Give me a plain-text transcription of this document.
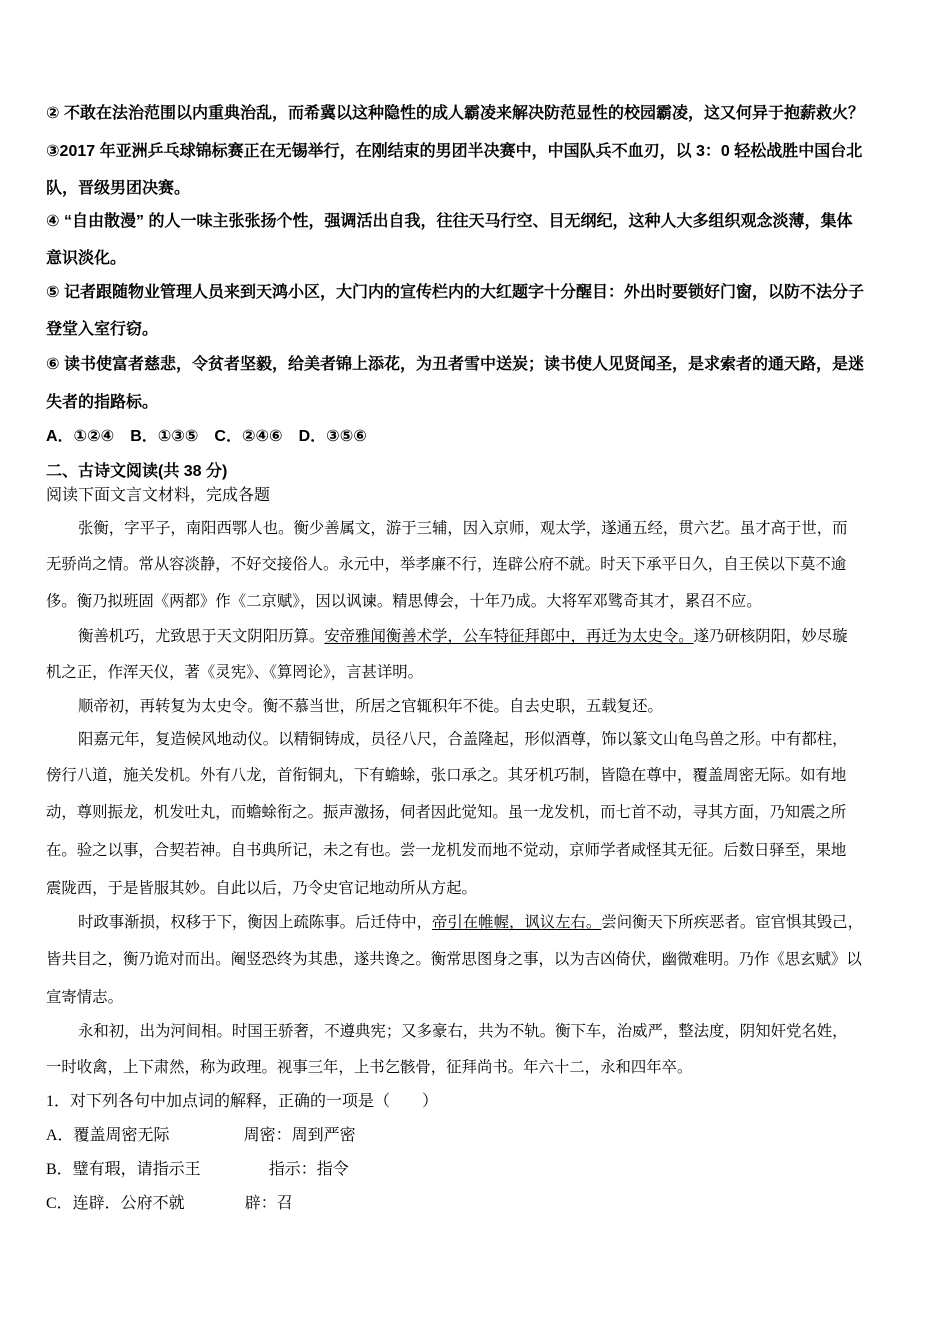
② 不敢在法治范围以内重典治乱，而希冀以这种隐性的成人霸凌来解决防范显性的校园霸凌，这又何异于抱薪救火？
③2017 年亚洲乒乓球锦标赛正在无锡举行，在刚结束的男团半决赛中，中国队兵不血刃，以 3：0 轻松战胜中国台北
队，晋级男团决赛。
④ “自由散漫” 的人一味主张张扬个性，强调活出自我，往往天马行空、目无纲纪，这种人大多组织观念淡薄，集体
意识淡化。
⑤ 记者跟随物业管理人员来到天鸿小区，大门内的宣传栏内的大红题字十分醒目：外出时要锁好门窗，以防不法分子
登堂入室行窃。
⑥ 读书使富者慈悲，令贫者坚毅，给美者锦上添花，为丑者雪中送炭；读书使人见贤闻圣，是求索者的通天路，是迷
失者的指路标。
A．①②④　B．①③⑤　C．②④⑥　D．③⑤⑥
二、古诗文阅读(共 38 分)
阅读下面文言文材料，完成各题
张衡，字平子，南阳西鄂人也。衡少善属文，游于三辅，因入京师，观太学，遂通五经，贯六艺。虽才高于世，而
无骄尚之情。常从容淡静，不好交接俗人。永元中，举孝廉不行，连辟公府不就。时天下承平日久，自王侯以下莫不逾
侈。衡乃拟班固《两都》作《二京赋》，因以讽谏。精思傅会，十年乃成。大将军邓骘奇其才，累召不应。
衡善机巧，尤致思于天文阴阳历算。安帝雅闻衡善术学，公车特征拜郎中，再迁为太史令。遂乃研核阴阳，妙尽璇
机之正，作浑天仪，著《灵宪》、《算罔论》，言甚详明。
顺帝初，再转复为太史令。衡不慕当世，所居之官辄积年不徙。自去史职，五载复还。
阳嘉元年，复造候风地动仪。以精铜铸成，员径八尺，合盖隆起，形似酒尊，饰以篆文山龟鸟兽之形。中有都柱，
傍行八道，施关发机。外有八龙，首衔铜丸，下有蟾蜍，张口承之。其牙机巧制，皆隐在尊中，覆盖周密无际。如有地
动，尊则振龙，机发吐丸，而蟾蜍衔之。振声激扬，伺者因此觉知。虽一龙发机，而七首不动，寻其方面，乃知震之所
在。验之以事，合契若神。自书典所记，未之有也。尝一龙机发而地不觉动，京师学者咸怪其无征。后数日驿至，果地
震陇西，于是皆服其妙。自此以后，乃令史官记地动所从方起。
时政事渐损，权移于下，衡因上疏陈事。后迁侍中，帝引在帷幄，讽议左右。尝问衡天下所疾恶者。宦官惧其毁己，
皆共目之，衡乃诡对而出。阉竖恐终为其患，遂共谗之。衡常思图身之事，以为吉凶倚伏，幽微难明。乃作《思玄赋》以
宣寄情志。
永和初，出为河间相。时国王骄奢，不遵典宪；又多豪右，共为不轨。衡下车，治威严，整法度，阴知奸党名姓，
一时收禽，上下肃然，称为政理。视事三年，上书乞骸骨，征拜尚书。年六十二，永和四年卒。
1．对下列各句中加点词的解释，正确的一项是（　　）
A．覆盖周密无际	周密：周到严密
B．璧有瑕，请指示王	指示：指令
C．连辟．公府不就	辟：召
